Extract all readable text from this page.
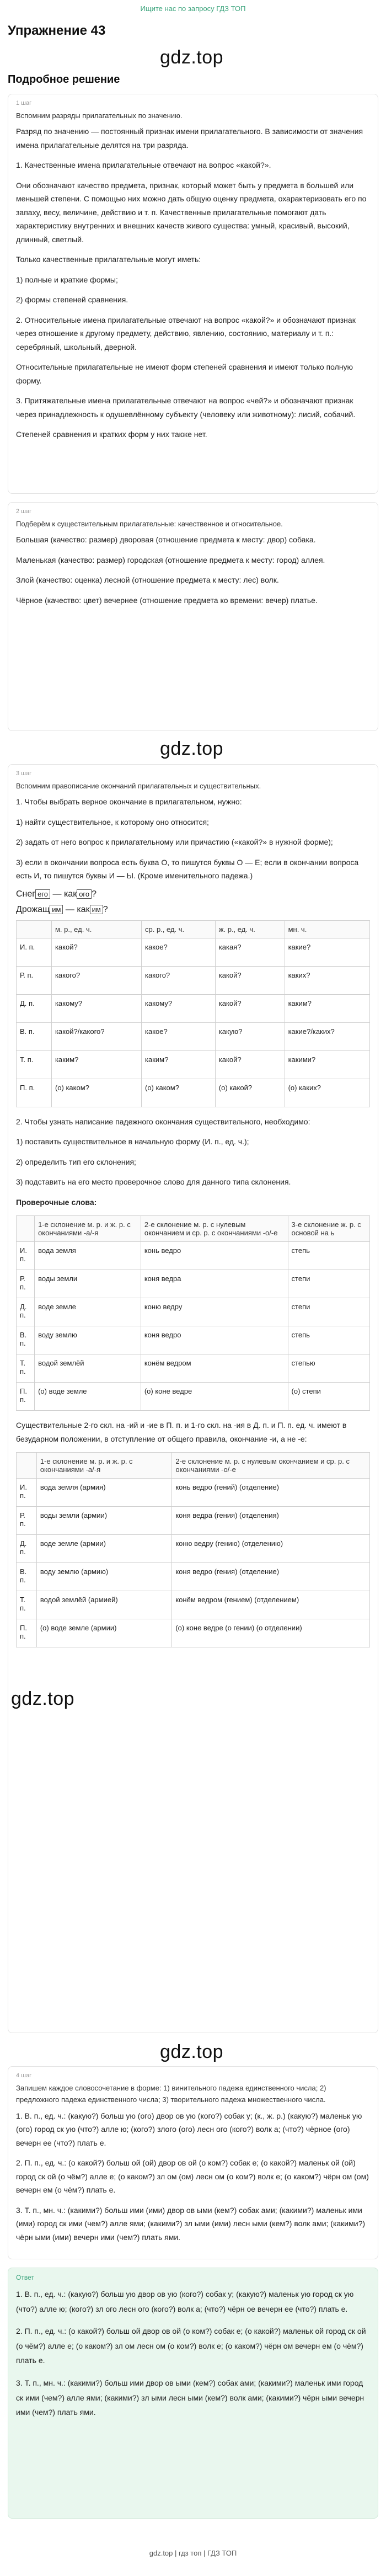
Ищите нас по запросу ГДЗ ТОП
Упражнение 43
gdz.top
Подробное решение
1 шаг
Вспомним разряды прилагательных по значению.

Разряд по значению — постоянный признак имени прилагательного. В зависимости от значения имена прилагательные делятся на три разряда.

1. Качественные имена прилагательные отвечают на вопрос «какой?».

Они обозначают качество предмета, признак, который может быть у предмета в большей или меньшей степени. С помощью них можно дать общую оценку предмета, охарактеризовать его по запаху, весу, величине, действию и т. п. Качественные прилагательные помогают дать характеристику внутренних и внешних качеств живого существа: умный, красивый, высокий, длинный, светлый.

Только качественные прилагательные могут иметь:

1) полные и краткие формы;

2) формы степеней сравнения.

2. Относительные имена прилагательные отвечают на вопрос «какой?» и обозначают признак через отношение к другому предмету, действию, явлению, состоянию, материалу и т. п.: серебряный, школьный, дверной.

Относительные прилагательные не имеют форм степеней сравнения и имеют только полную форму.

3. Притяжательные имена прилагательные отвечают на вопрос «чей?» и обозначают признак через принадлежность к одушевлённому субъекту (человеку или животному): лисий, собачий.

Степеней сравнения и кратких форм у них также нет.

2 шаг
Подберём к существительным прилагательные: качественное и относительное.

Большая (качество: размер) дворовая (отношение предмета к месту: двор) собака.

Маленькая (качество: размер) городская (отношение предмета к месту: город) аллея.

Злой (качество: оценка) лесной (отношение предмета к месту: лес) волк.

Чёрное (качество: цвет) вечернее (отношение предмета ко времени: вечер) платье.

gdz.top
3 шаг
Вспомним правописание окончаний прилагательных и существительных.

1. Чтобы выбрать верное окончание в прилагательном, нужно:

1) найти существительное, к которому оно относится;

2) задать от него вопрос к прилагательному или причастию («какой?» в нужной форме);

3) если в окончании вопроса есть буква О, то пишутся буквы О — Е; если в окончании вопроса есть И, то пишутся буквы И — Ы. (Кроме именительного падежа.)

Снег его — как ого ?
Дрожащ им — как им ?
	м. р., ед. ч.	ср. р., ед. ч.	ж. р., ед. ч.	мн. ч.
И. п.	какой?	какое?	какая?	какие?
Р. п.	какого?	какого?	какой?	каких?
Д. п.	какому?	какому?	какой?	каким?
В. п.	какой?/какого?	какое?	какую?	какие?/каких?
Т. п.	каким?	каким?	какой?	какими?
П. п.	(о) каком?	(о) каком?	(о) какой?	(о) каких?

2. Чтобы узнать написание падежного окончания существительного, необходимо:

1) поставить существительное в начальную форму (И. п., ед. ч.);

2) определить тип его склонения;

3) подставить на его место проверочное слово для данного типа склонения.

Проверочные слова:

	1-е склонение м. р. и ж. р. с окончаниями -а/-я	2-е склонение м. р. с нулевым окончанием и ср. р. с окончаниями -о/-е	3-е склонение ж. р. с основой на ь
И. п.	вода земля	конь ведро	степь
Р. п.	воды земли	коня ведра	степи
Д. п.	воде земле	коню ведру	степи
В. п.	воду землю	коня ведро	степь
Т. п.	водой землёй	конём ведром	степью
П. п.	(о) воде земле	(о) коне ведре	(о) степи

Существительные 2-го скл. на -ий и -ие в П. п. и 1-го скл. на -ия в Д. п. и П. п. ед. ч. имеют в безударном положении, в отступление от общего правила, окончание -и, а не -е:

	1-е склонение м. р. и ж. р. с окончаниями -а/-я	2-е склонение м. р. с нулевым окончанием и ср. р. с окончаниями -о/-е
И. п.	вода земля (армия)	конь ведро (гений) (отделение)
Р. п.	воды земли (армии)	коня ведра (гения) (отделения)
Д. п.	воде земле (армии)	коню ведру (гению) (отделению)
В. п.	воду землю (армию)	коня ведро (гения) (отделение)
Т. п.	водой землёй (армией)	конём ведром (гением) (отделением)
П. п.	(о) воде земле (армии)	(о) коне ведре (о гении) (о отделении)
gdz.top
gdz.top
4 шаг
Запишем каждое словосочетание в форме: 1) винительного падежа единственного числа; 2) предложного падежа единственного числа; 3) творительного падежа множественного числа.

1. В. п., ед. ч.: (какую?) больш ую (ого) двор ов ую (кого?) собак у; (к., ж. р.) (какую?) маленьк ую (ого) город ск ую (что?) алле ю; (кого?) злого (ого) лесн ого (кого?) волк а; (что?) чёрное (ого) вечерн ее (что?) плать е.

2. П. п., ед. ч.: (о какой?) больш ой (ой) двор ов ой (о ком?) собак е; (о какой?) маленьк ой (ой) город ск ой (о чём?) алле е; (о каком?) зл ом (ом) лесн ом (о ком?) волк е; (о каком?) чёрн ом (ом) вечерн ем (о чём?) плать е.

3. Т. п., мн. ч.: (какими?) больш ими (ими) двор ов ыми (кем?) собак ами; (какими?) маленьк ими (ими) город ск ими (чем?) алле ями; (какими?) зл ыми (ими) лесн ыми (кем?) волк ами; (какими?) чёрн ыми (ими) вечерн ими (чем?) плать ями.

Ответ

1. В. п., ед. ч.: (какую?) больш ую двор ов ую (кого?) собак у; (какую?) маленьк ую город ск ую (что?) алле ю; (кого?) зл ого лесн ого (кого?) волк а; (что?) чёрн ое вечерн ее (что?) плать е.

2. П. п., ед. ч.: (о какой?) больш ой двор ов ой (о ком?) собак е; (о какой?) маленьк ой город ск ой (о чём?) алле е; (о каком?) зл ом лесн ом (о ком?) волк е; (о каком?) чёрн ом вечерн ем (о чём?) плать е.

3. Т. п., мн. ч.: (какими?) больш ими двор ов ыми (кем?) собак ами; (какими?) маленьк ими город ск ими (чем?) алле ями; (какими?) зл ыми лесн ыми (кем?) волк ами; (какими?) чёрн ыми вечерн ими (чем?) плать ями.

gdz.top | гдз топ | ГДЗ ТОП
